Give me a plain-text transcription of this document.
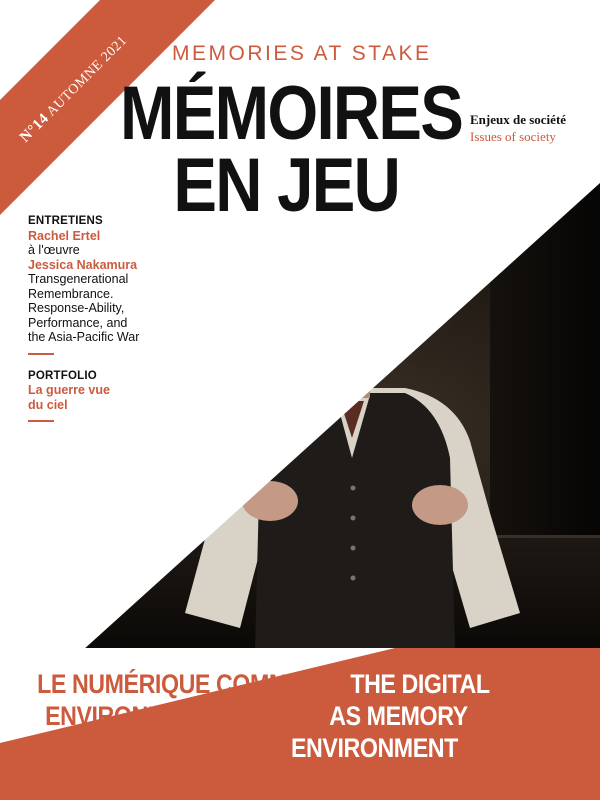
N°14 AUTOMNE 2021 MEMORIES AT STAKE
MÉMOIRES
EN JEU
Enjeux de société
Issues of society
ENTRETIENS
Rachel Ertel
à l'œuvre
Jessica Nakamura
Transgenerational Remembrance. Response-Ability, Performance, and the Asia-Pacific War
PORTFOLIO
La guerre vue du ciel
LE NUMÉRIQUE COMME
ENVIRONNEMENT
MÉMORIEL
THE DIGITAL
AS MEMORY
ENVIRONMENT
